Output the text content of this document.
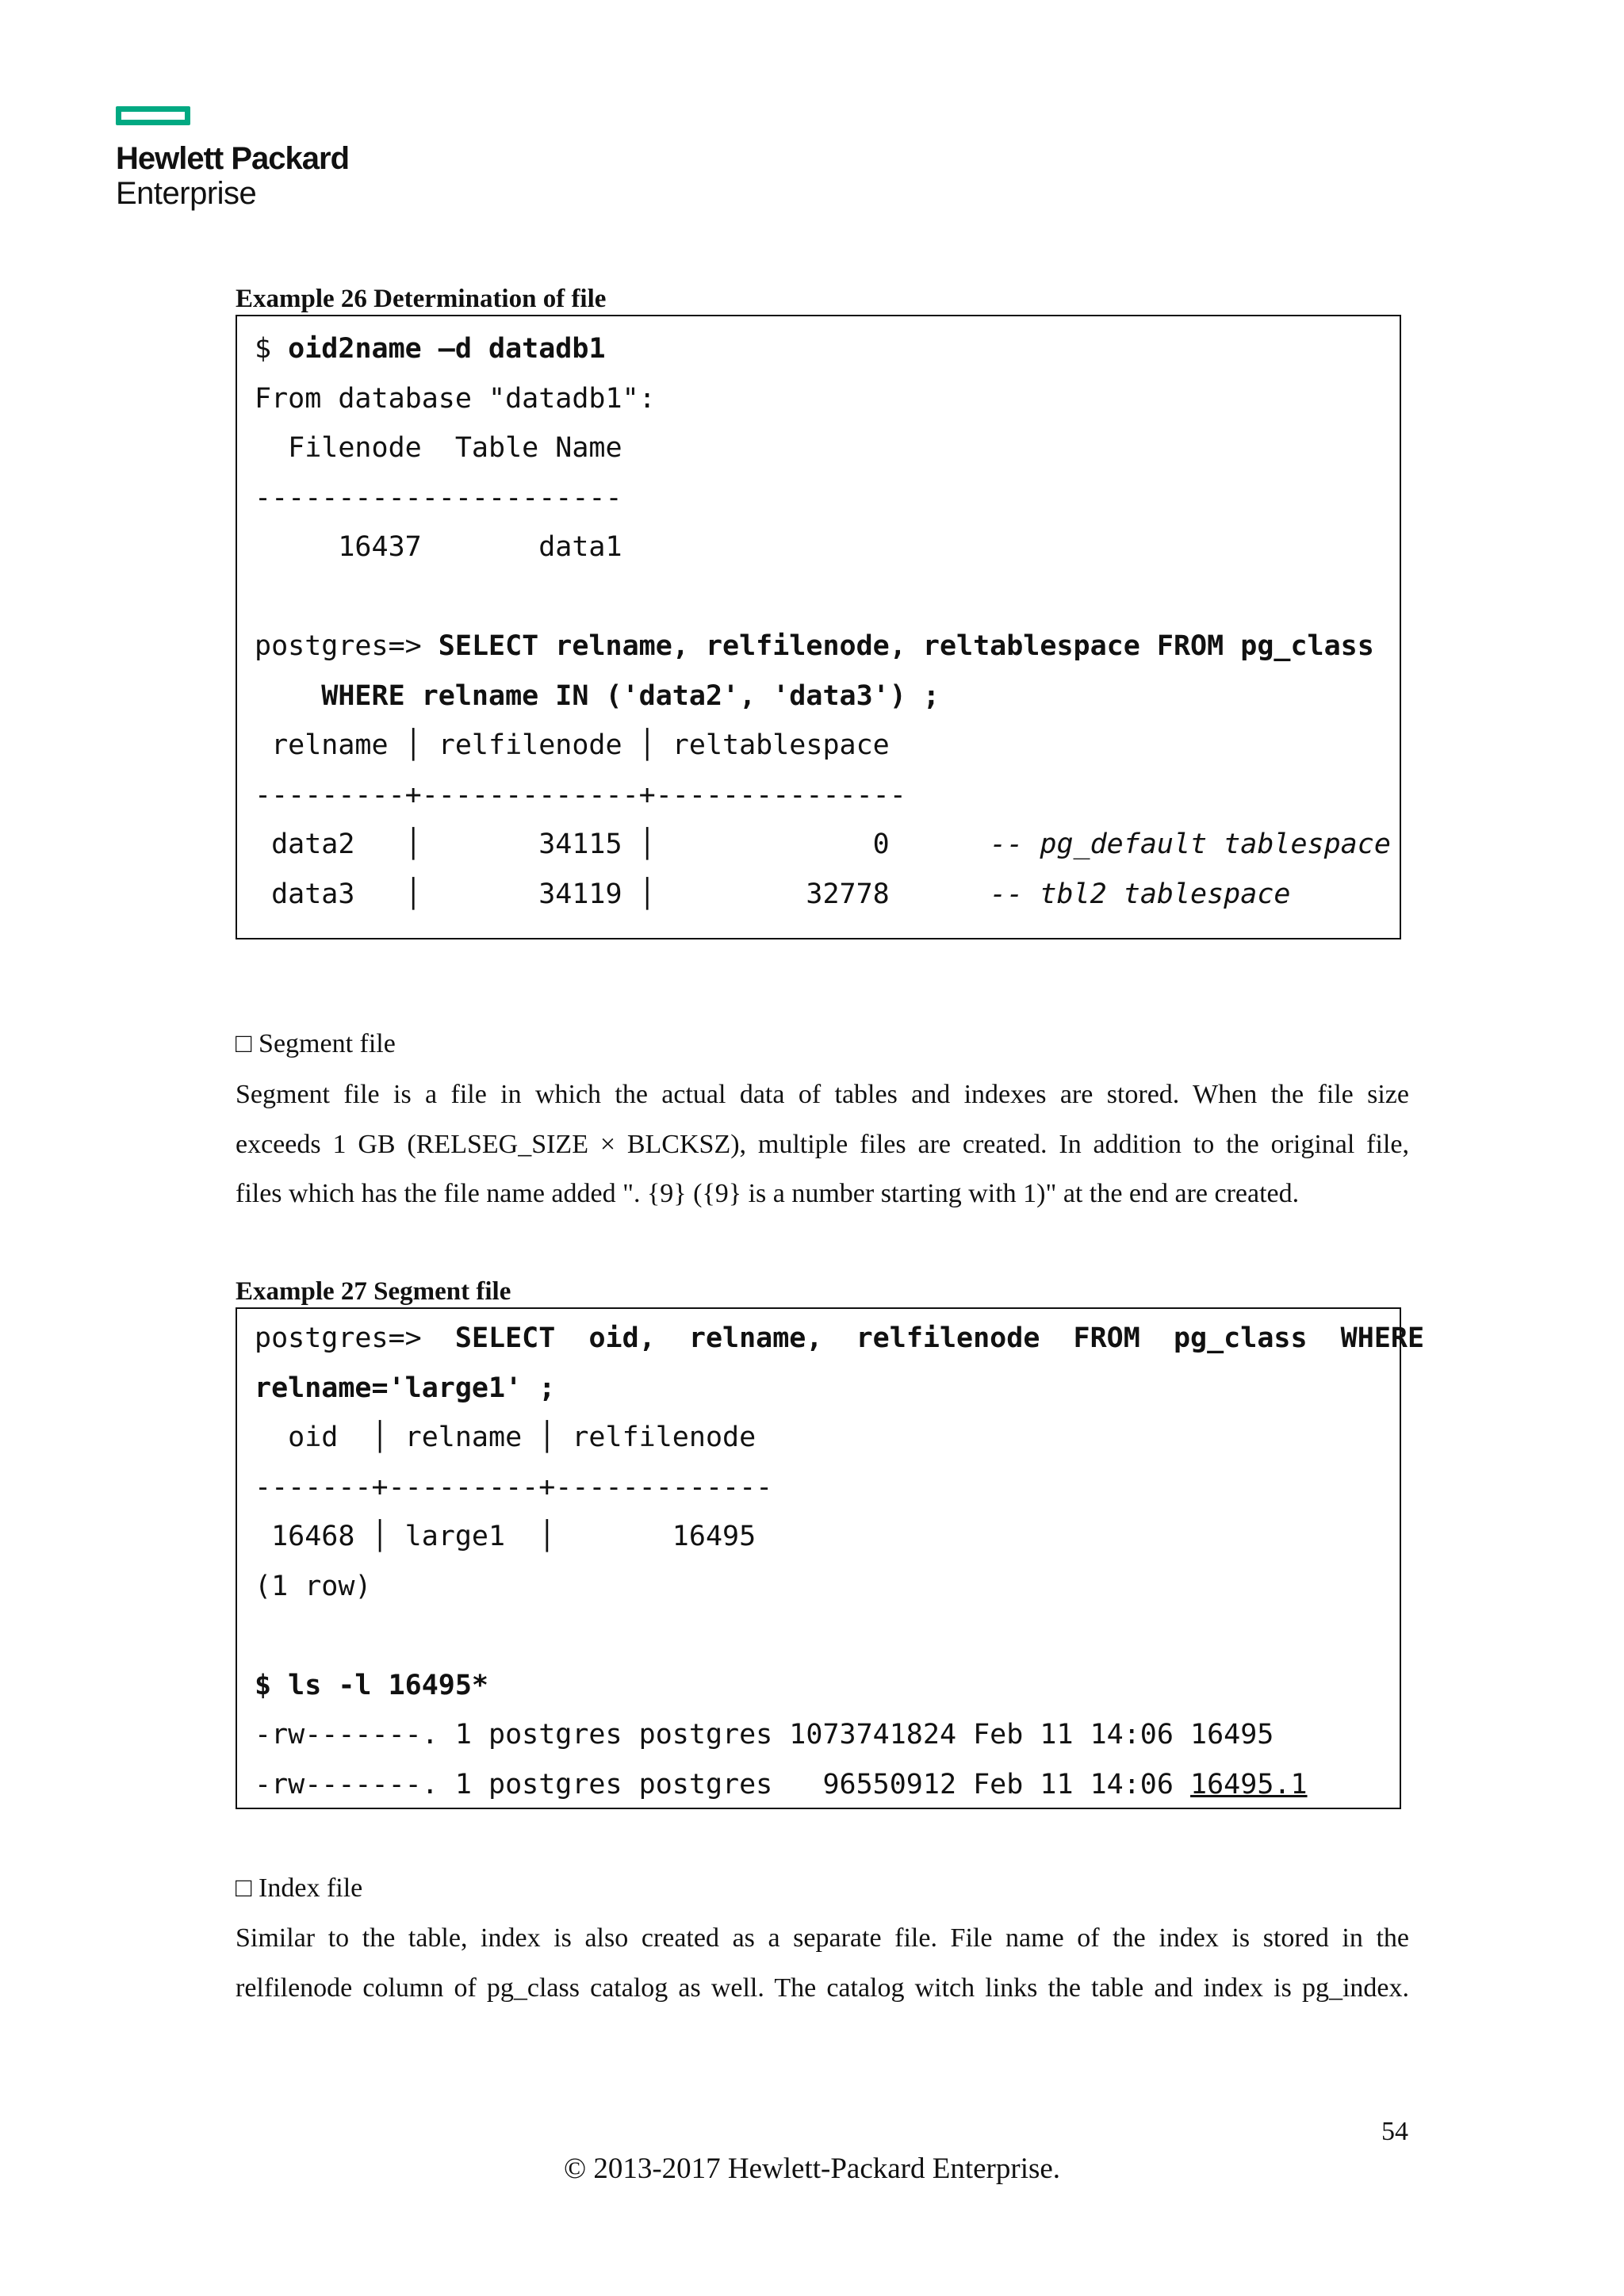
Hewlett Packard
Enterprise
Example 26 Determination of file
$ oid2name –d datadb1
From database "datadb1":
Filenode  Table Name
----------------------
16437       data1
postgres=> SELECT relname, relfilenode, reltablespace FROM pg_class
WHERE relname IN ('data2', 'data3') ;
relname │ relfilenode │ reltablespace
---------+-------------+---------------
data2   │       34115 │             0      -- pg_default tablespace
data3   │       34119 │         32778      -- tbl2 tablespace
□ Segment file
Segment file is a file in which the actual data of tables and indexes are stored. When the file size
exceeds 1 GB (RELSEG_SIZE × BLCKSZ), multiple files are created. In addition to the original file,
files which has the file name added ". {9} ({9} is a number starting with 1)" at the end are created.
Example 27 Segment file
postgres=>  SELECT  oid,  relname,  relfilenode  FROM  pg_class  WHERE
relname='large1' ;
oid  │ relname │ relfilenode
-------+---------+-------------
16468 │ large1  │       16495
(1 row)
$ ls -l 16495*
-rw-------. 1 postgres postgres 1073741824 Feb 11 14:06 16495
-rw-------. 1 postgres postgres   96550912 Feb 11 14:06 16495.1
□ Index file
Similar to the table, index is also created as a separate file. File name of the index is stored in the
relfilenode column of pg_class catalog as well. The catalog witch links the table and index is pg_index.
54
© 2013-2017 Hewlett-Packard Enterprise.
